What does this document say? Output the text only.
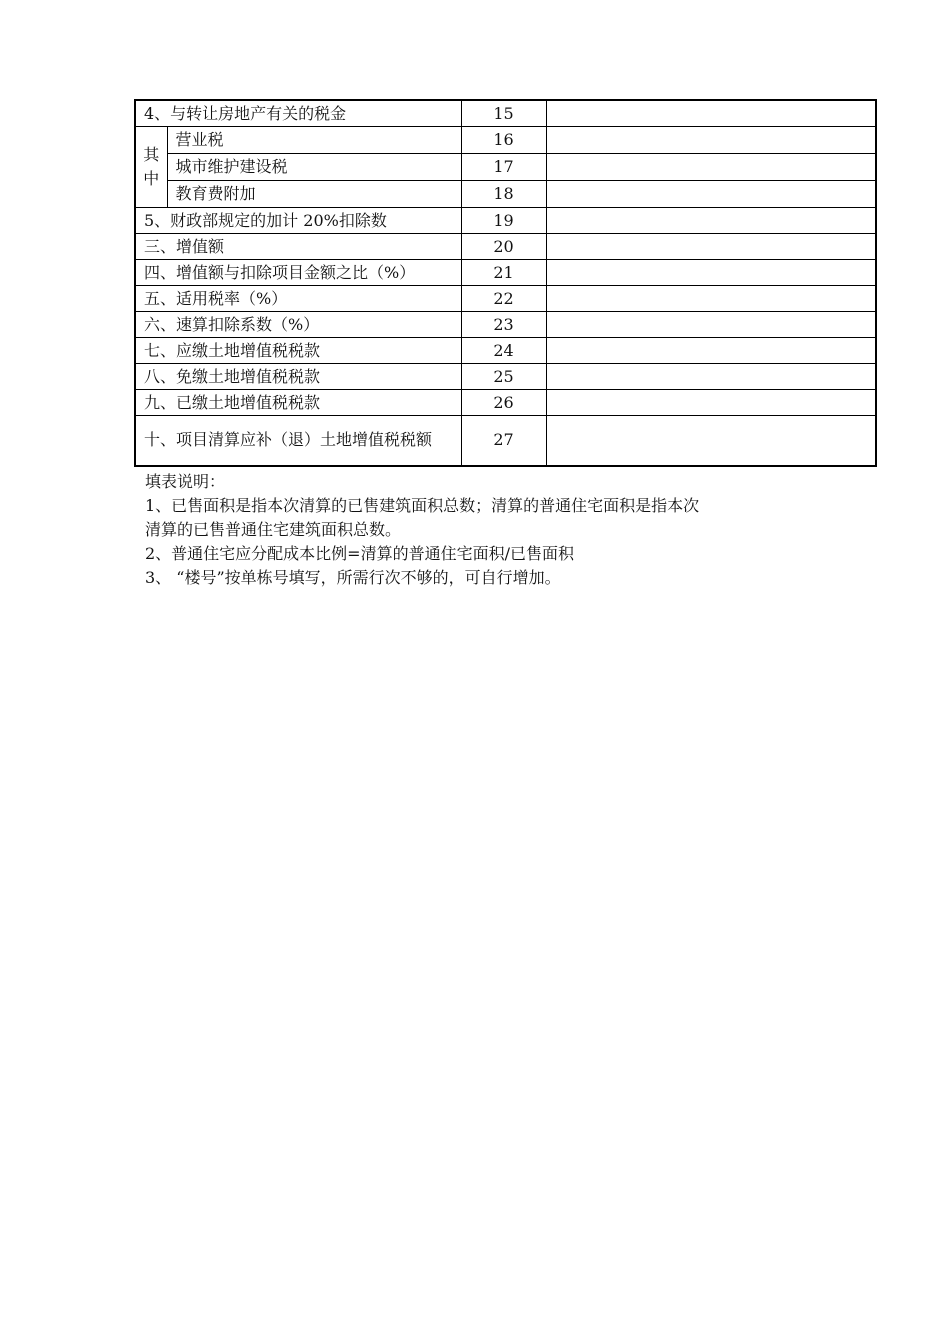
4、与转让房地产有关的税金		15	
其中	营业税	16	
	城市维护建设税	17	
	教育费附加	18	
5、财政部规定的加计 20%扣除数		19	
三、增值额		20	
四、增值额与扣除项目金额之比（%）		21	
五、适用税率（%）		22	
六、速算扣除系数（%）		23	
七、应缴土地增值税税款		24	
八、免缴土地增值税税款		25	
九、已缴土地增值税税款		26	
十、项目清算应补（退）土地增值税税额		27	

填表说明：

1、已售面积是指本次清算的已售建筑面积总数；清算的普通住宅面积是指本次

清算的已售普通住宅建筑面积总数。

2、普通住宅应分配成本比例=清算的普通住宅面积/已售面积

3、 “楼号”按单栋号填写，所需行次不够的，可自行增加。
